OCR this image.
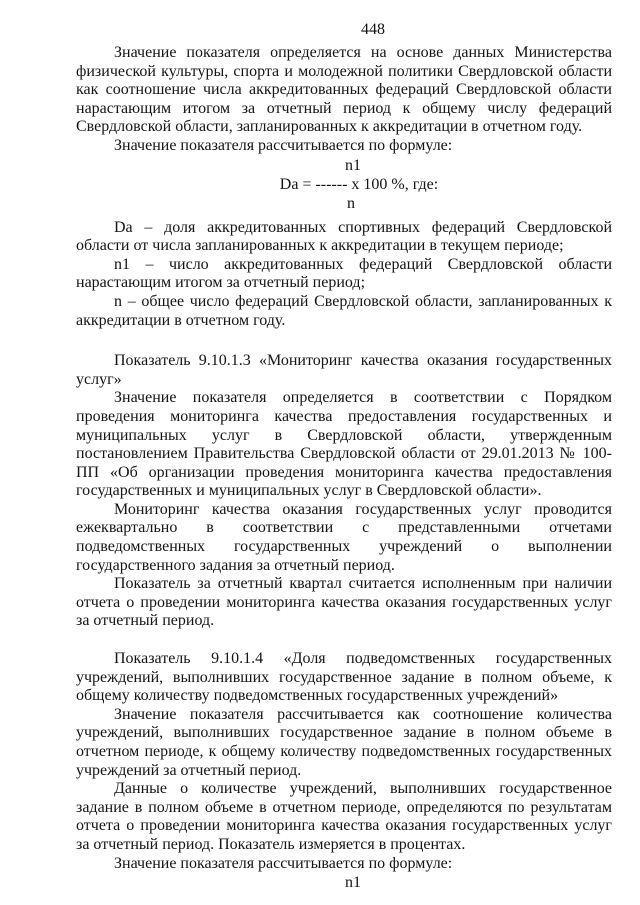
448

Значение показателя определяется на основе данных Министерства физической культуры, спорта и молодежной политики Свердловской области как соотношение числа аккредитованных федераций Свердловской области нарастающим итогом за отчетный период к общему числу федераций Свердловской области, запланированных к аккредитации в отчетном году.

Значение показателя рассчитывается по формуле:

n1
Da = ------ х 100 %, где:
n

Da – доля аккредитованных спортивных федераций Свердловской области от числа запланированных к аккредитации в текущем периоде;

n1 – число аккредитованных федераций Свердловской области нарастающим итогом за отчетный период;

n – общее число федераций Свердловской области, запланированных к аккредитации в отчетном году.

Показатель 9.10.1.3 «Мониторинг качества оказания государственных услуг»

Значение показателя определяется в соответствии с Порядком проведения мониторинга качества предоставления государственных и муниципальных услуг в Свердловской области, утвержденным постановлением Правительства Свердловской области от 29.01.2013 № 100-ПП «Об организации проведения мониторинга качества предоставления государственных и муниципальных услуг в Свердловской области».

Мониторинг качества оказания государственных услуг проводится ежеквартально в соответствии с представленными отчетами подведомственных государственных учреждений о выполнении государственного задания за отчетный период.

Показатель за отчетный квартал считается исполненным при наличии отчета о проведении мониторинга качества оказания государственных услуг за отчетный период.

Показатель 9.10.1.4 «Доля подведомственных государственных учреждений, выполнивших государственное задание в полном объеме, к общему количеству подведомственных государственных учреждений»

Значение показателя рассчитывается как соотношение количества учреждений, выполнивших государственное задание в полном объеме в отчетном периоде, к общему количеству подведомственных государственных учреждений за отчетный период.

Данные о количестве учреждений, выполнивших государственное задание в полном объеме в отчетном периоде, определяются по результатам отчета о проведении мониторинга качества оказания государственных услуг за отчетный период. Показатель измеряется в процентах.

Значение показателя рассчитывается по формуле:

n1
